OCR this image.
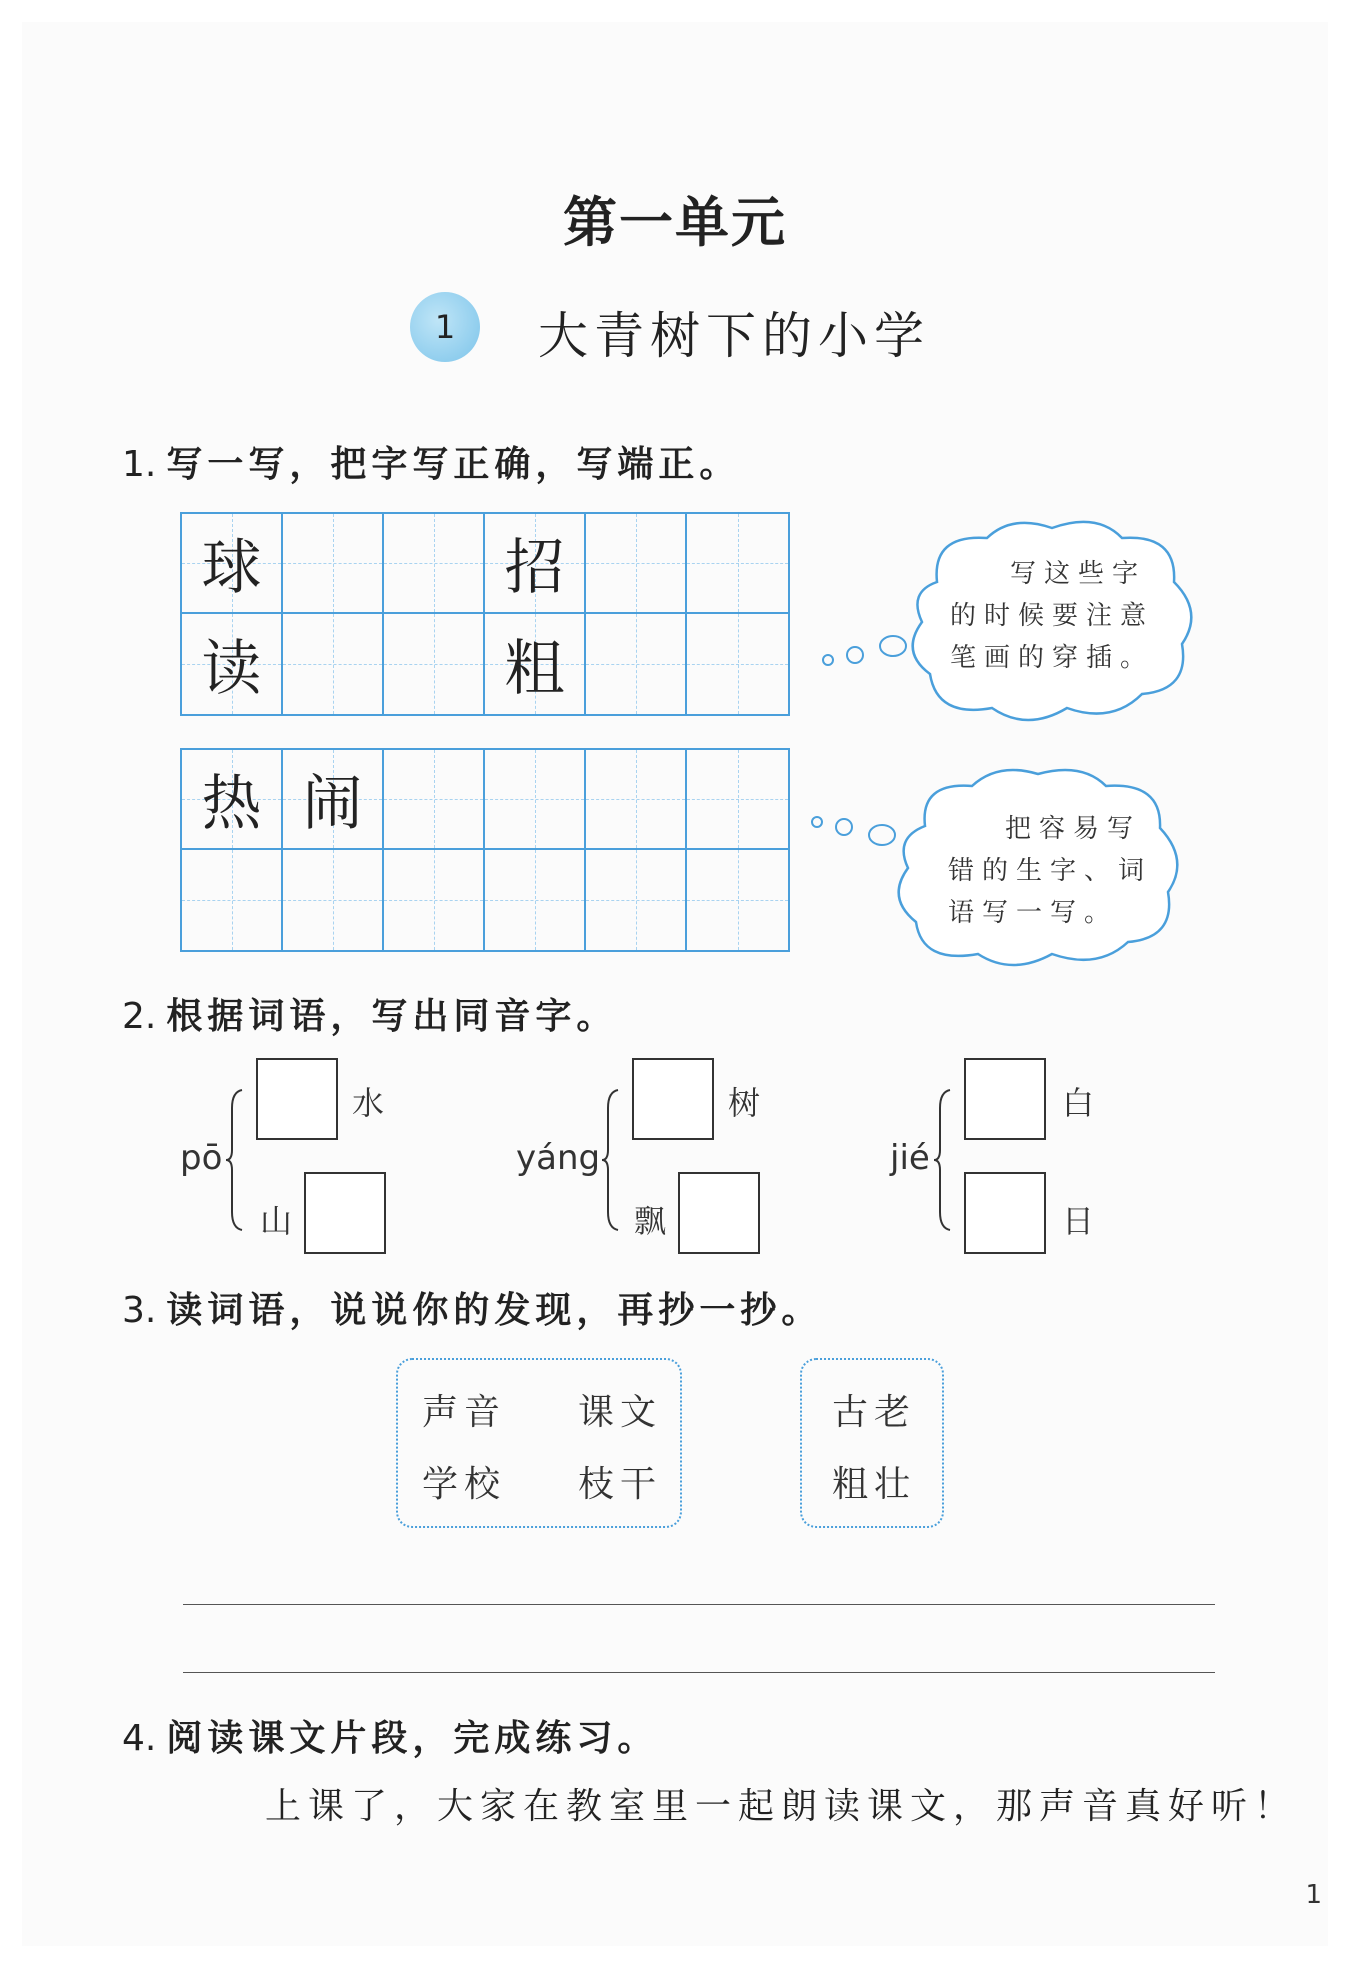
第一单元
1	大青树下的小学
1. 写一写，把字写正确，写端正。
球	招
读	粗
热 闹
写这些字
的时候要注意
笔画的穿插。
把容易写
错的生字、词
语写一写。
2. 根据词语，写出同音字。
pō
水
山
yáng
树
飘
jié
白
日
3. 读词语，说说你的发现，再抄一抄。
声音 课文
学校 枝干
古老
粗壮
4. 阅读课文片段，完成练习。
上课了，大家在教室里一起朗读课文，那声音真好听！
1
